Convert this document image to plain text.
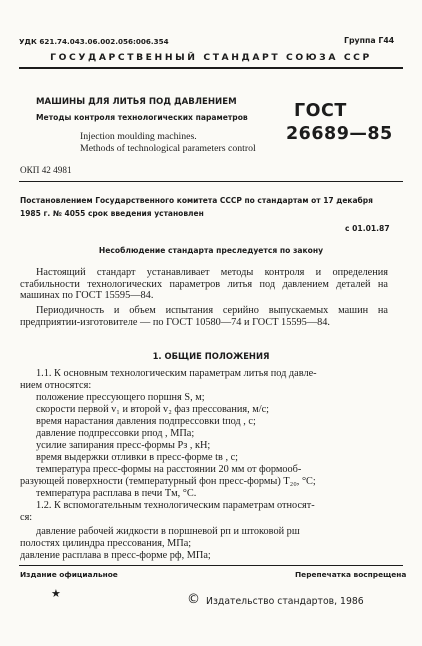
УДК 621.74.043.06.002.056:006.354	Группа Г44
ГОСУДАРСТВЕННЫЙ СТАНДАРТ СОЮЗА ССР
МАШИНЫ ДЛЯ ЛИТЬЯ ПОД ДАВЛЕНИЕМ
Методы контроля технологических параметров
Injection moulding machines.
Methods of technological parameters control
ГОСТ
26689—85
ОКП 42 4981
Постановлением Государственного комитета СССР по стандартам от 17 декабря
1985 г. № 4055 срок введения установлен
с 01.01.87
Несоблюдение стандарта преследуется по закону
Настоящий стандарт устанавливает методы контроля и определения стабильности технологических параметров литья под давлением деталей на машинах по ГОСТ 15595—84.
Периодичность и объем испытания серийно выпускаемых машин на предприятии-изготовителе — по ГОСТ 10580—74 и ГОСТ 15595—84.
1. ОБЩИЕ ПОЛОЖЕНИЯ
1.1. К основным технологическим параметрам литья под давле-
нием относятся:
положение прессующего поршня S, м;
скорости первой v₁ и второй v₂ фаз прессования, м/с;
время нарастания давления подпрессовки tпод , с;
давление подпрессовки pпод , МПа;
усилие запирания пресс-формы Pз , кН;
время выдержки отливки в пресс-форме tв , с;
температура пресс-формы на расстоянии 20 мм от формооб-
разующей поверхности (температурный фон пресс-формы) T₂₀, °C;
температура расплава в печи Tм, °C.
1.2. К вспомогательным технологическим параметрам относят-
ся:
давление рабочей жидкости в поршневой pп и штоковой pш
полостях цилиндра прессования, МПа;
давление расплава в пресс-форме pф, МПа;
Издание официальное	Перепечатка воспрещена
★	© Издательство стандартов, 1986
